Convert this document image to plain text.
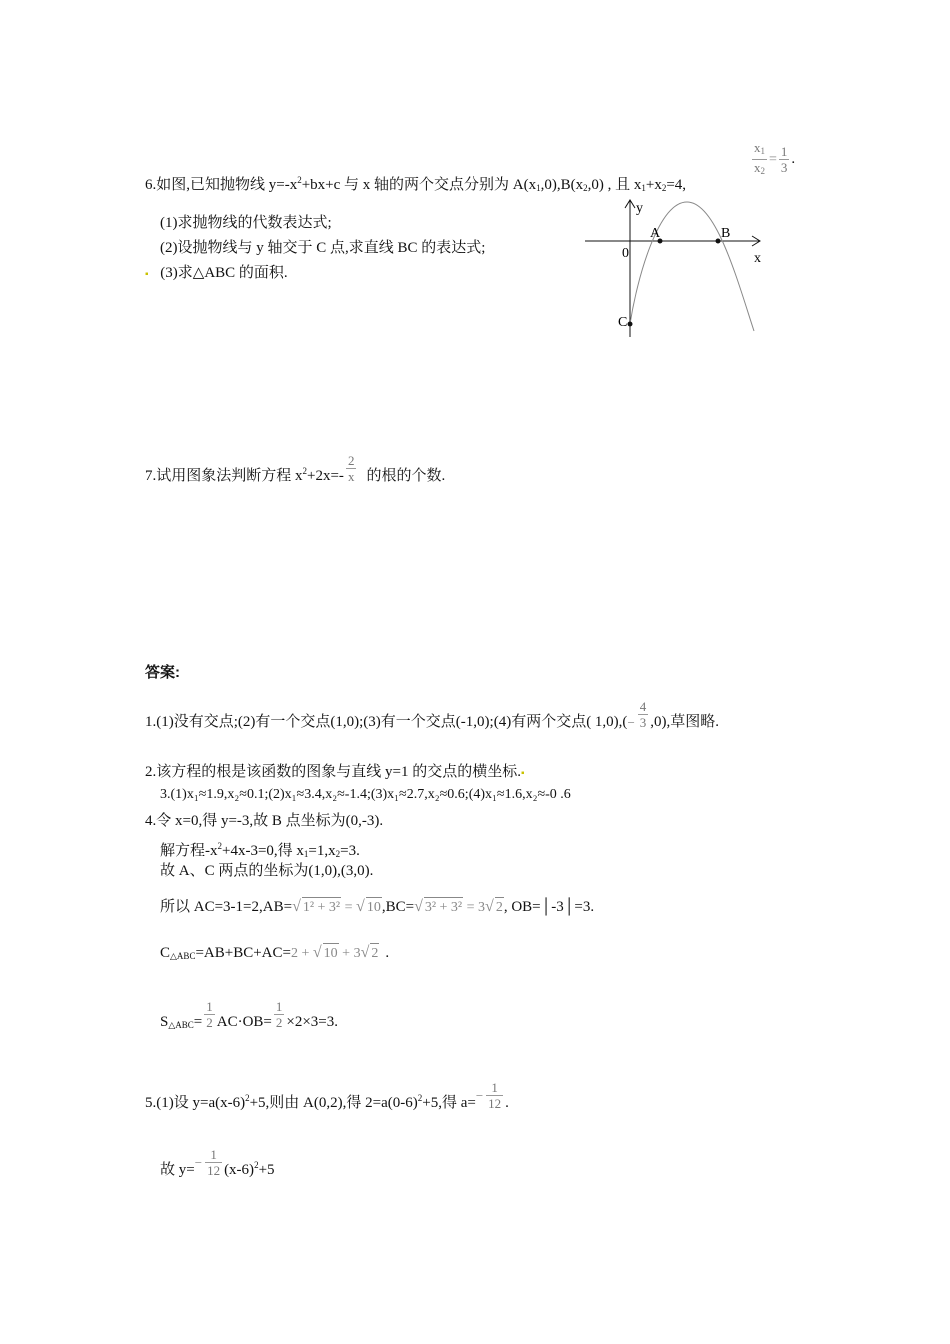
6.如图,已知抛物线 $y=-x^2+bx+c$ 与 x 轴的两个交点分别为 $A(x_1,0),B(x_2,0)$ , 且 $x_1+x_2=4$,
$\frac{x_1}{x_2} = \frac{1}{3}$ .
(1)求抛物线的代数表达式;
(2)设抛物线与 y 轴交于 C 点,求直线 BC 的表达式;
▪ (3)求△ABC 的面积.
y
x
0
A	B
C
7.试用图象法判断方程 $x^2+2x=- \frac{2}{x}$ 的根的个数.
答案:
1.(1)没有交点;(2)有一个交点(1,0);(3)有一个交点(-1,0);(4)有两个交点( $1,0),(- \frac{4}{3} ,0)$,草图略.
2.该方程的根是该函数的图象与直线 y=1 的交点的横坐标.▪
3.(1)x₁≈1.9,x₂≈0.1;(2)x₁≈3.4,x₂≈-1.4;(3)x₁≈2.7,x₂≈0.6;(4)x₁≈1.6,x₂≈-0 .6
4.令 x=0,得 y=-3,故 B 点坐标为(0,-3).
解方程$-x^2+4x-3=0$,得 $x_1=1,x_2=3$.
故 A、C 两点的坐标为(1,0),(3,0).
所以 AC=3-1=2,AB=√ 1² + 3² = √ 10,BC=√ 3² + 3² = 3√ 2, OB=│-3│=3.
$C_{\triangle ABC}=AB+BC+AC=2$ + √ 10 + 3√ 2 .
$S_{\triangle ABC}= \frac{1}{2} AC\cdot OB= \frac{1}{2} \times 2\times 3=3$.
5.(1)设 $y=a(x-6)^2+5$,则由 A(0,2),得 $2=a(0-6)^2+5$,得 $a=- \frac{1}{12}$ .
故 $y=- \frac{1}{12} (x-6)^2+5$
